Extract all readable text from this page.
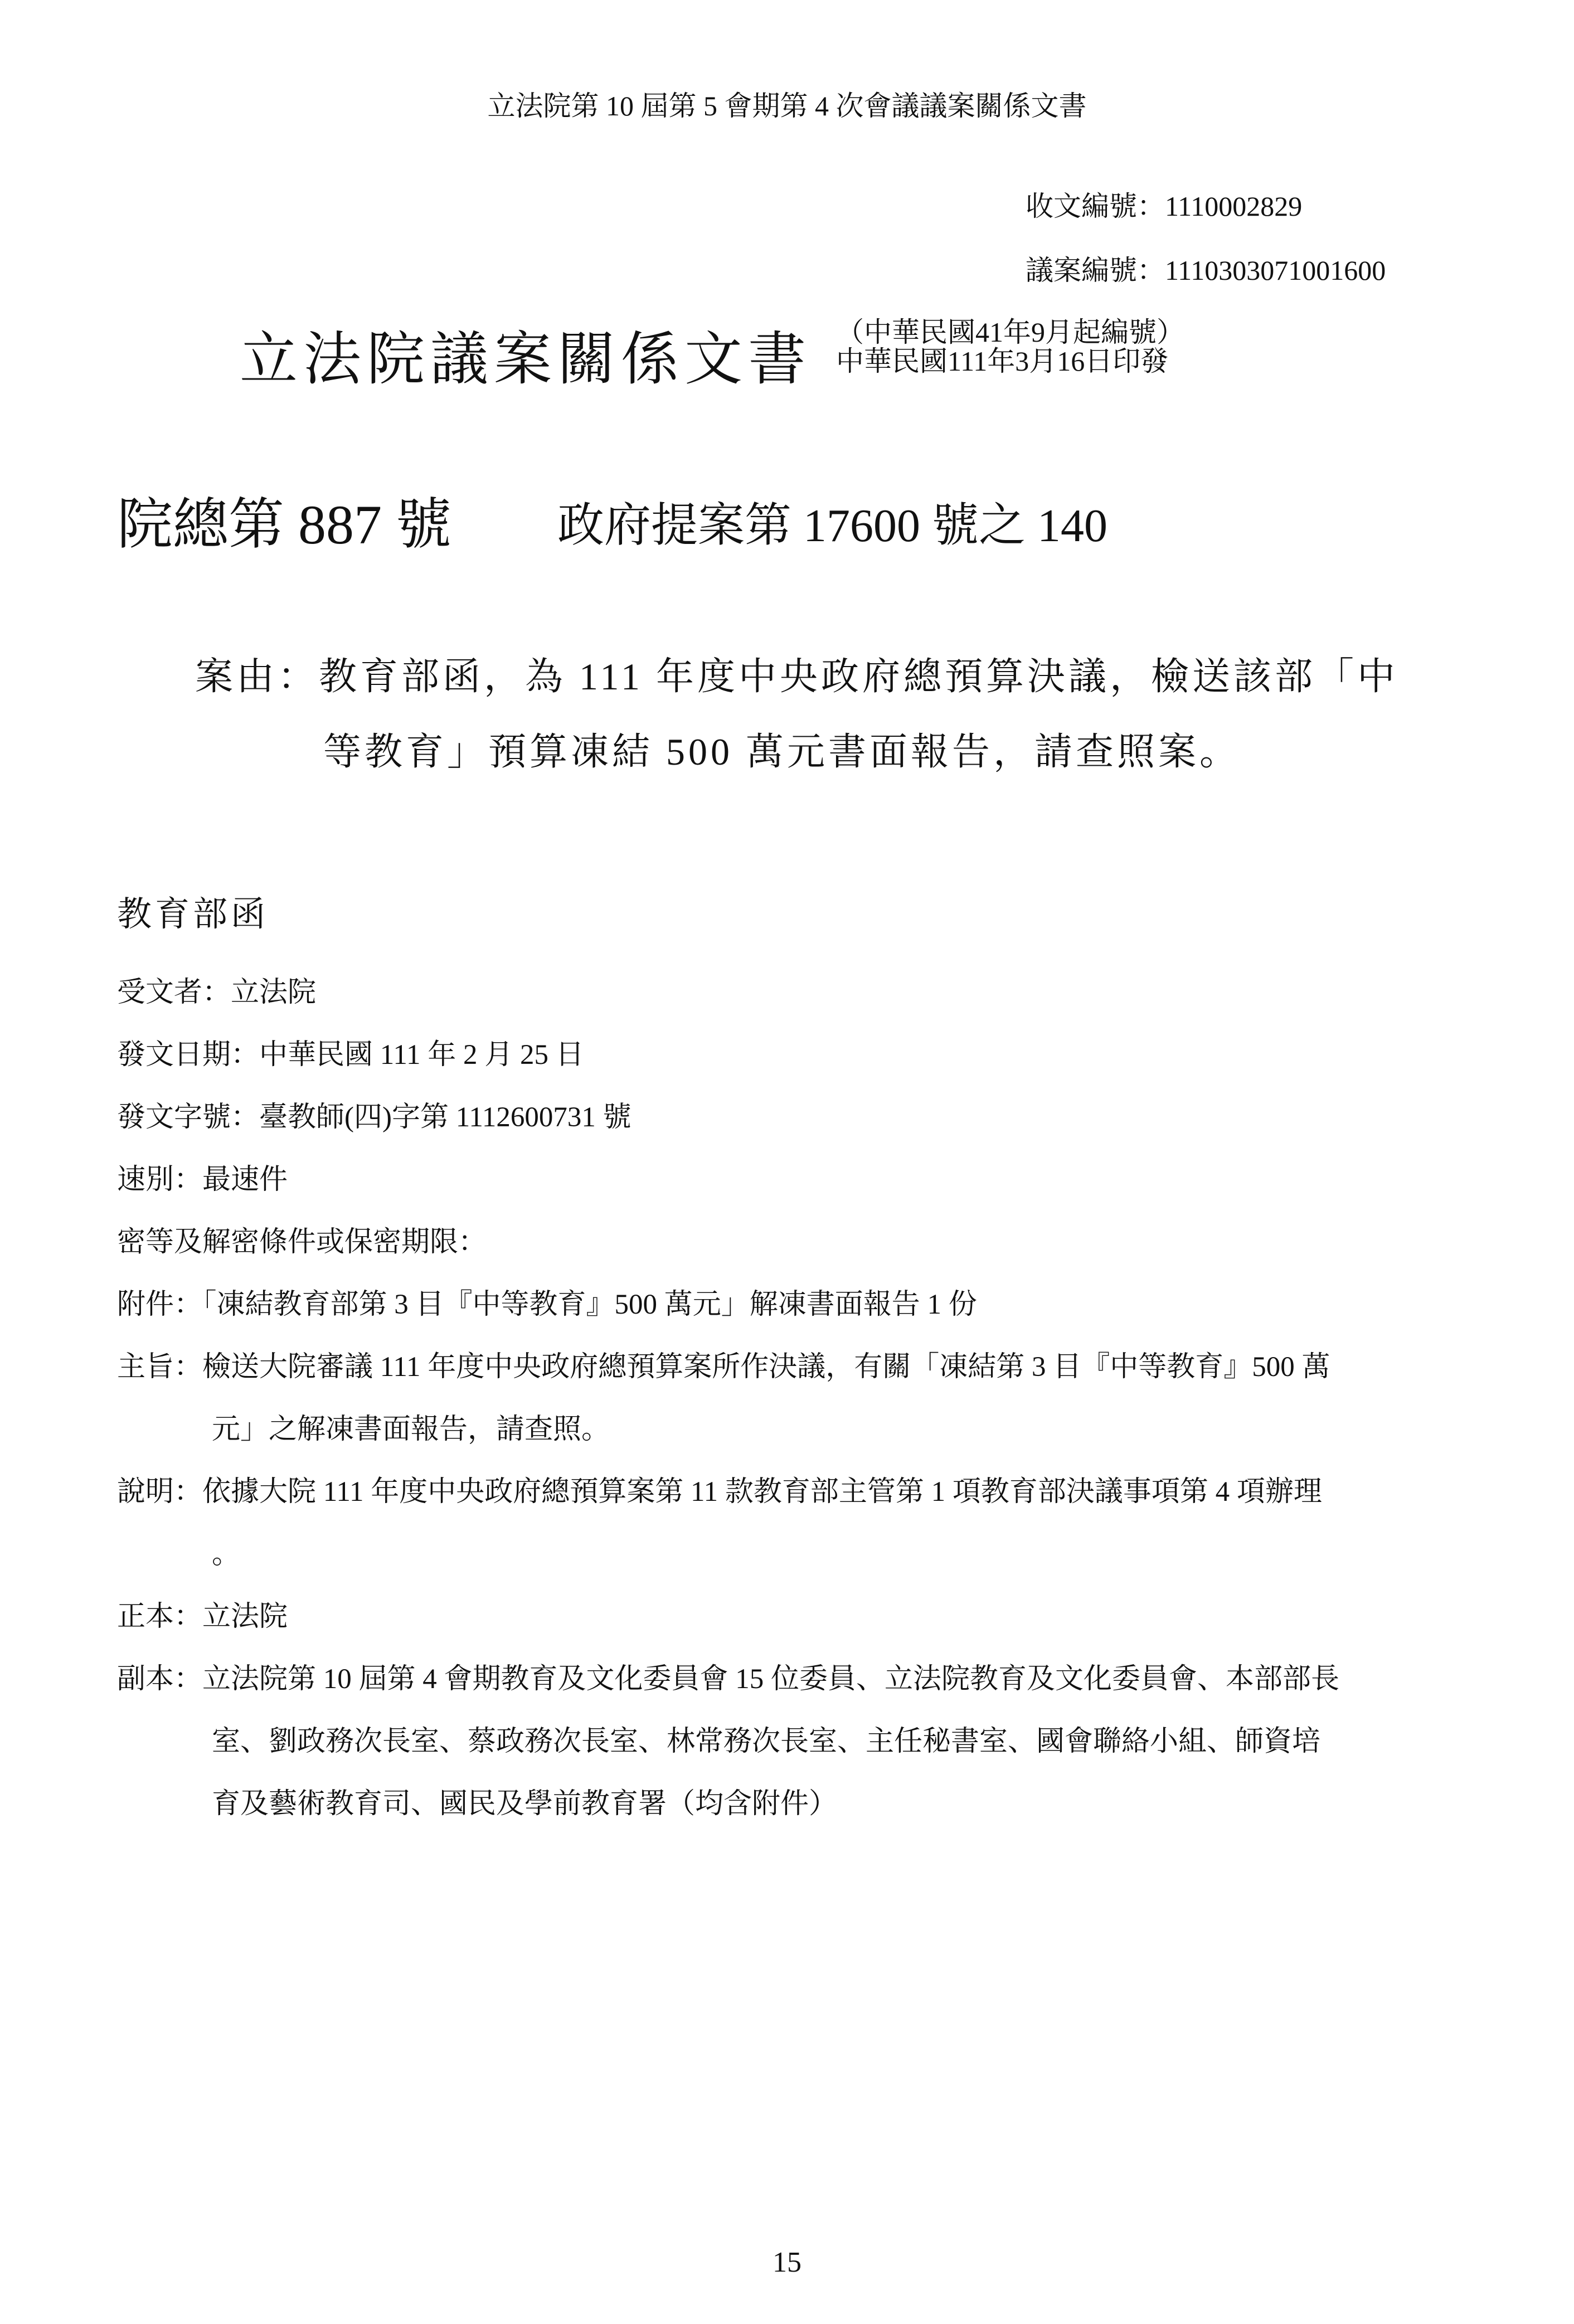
立法院第 10 屆第 5 會期第 4 次會議議案關係文書
收文編號：1110002829
議案編號：1110303071001600
立法院議案關係文書 （中華民國41年9月起編號）
中華民國111年3月16日印發
院總第 887 號 政府提案第 17600 號之 140
案由：教育部函，為 111 年度中央政府總預算決議，檢送該部「中
等教育」預算凍結 500 萬元書面報告，請查照案。
教育部函
受文者：立法院
發文日期：中華民國 111 年 2 月 25 日
發文字號：臺教師(四)字第 1112600731 號
速別：最速件
密等及解密條件或保密期限：
附件：「凍結教育部第 3 目『中等教育』500 萬元」解凍書面報告 1 份
主旨：檢送大院審議 111 年度中央政府總預算案所作決議，有關「凍結第 3 目『中等教育』500 萬
元」之解凍書面報告，請查照。
說明：依據大院 111 年度中央政府總預算案第 11 款教育部主管第 1 項教育部決議事項第 4 項辦理
。
正本：立法院
副本：立法院第 10 屆第 4 會期教育及文化委員會 15 位委員、立法院教育及文化委員會、本部部長
室、劉政務次長室、蔡政務次長室、林常務次長室、主任秘書室、國會聯絡小組、師資培
育及藝術教育司、國民及學前教育署（均含附件）
15
